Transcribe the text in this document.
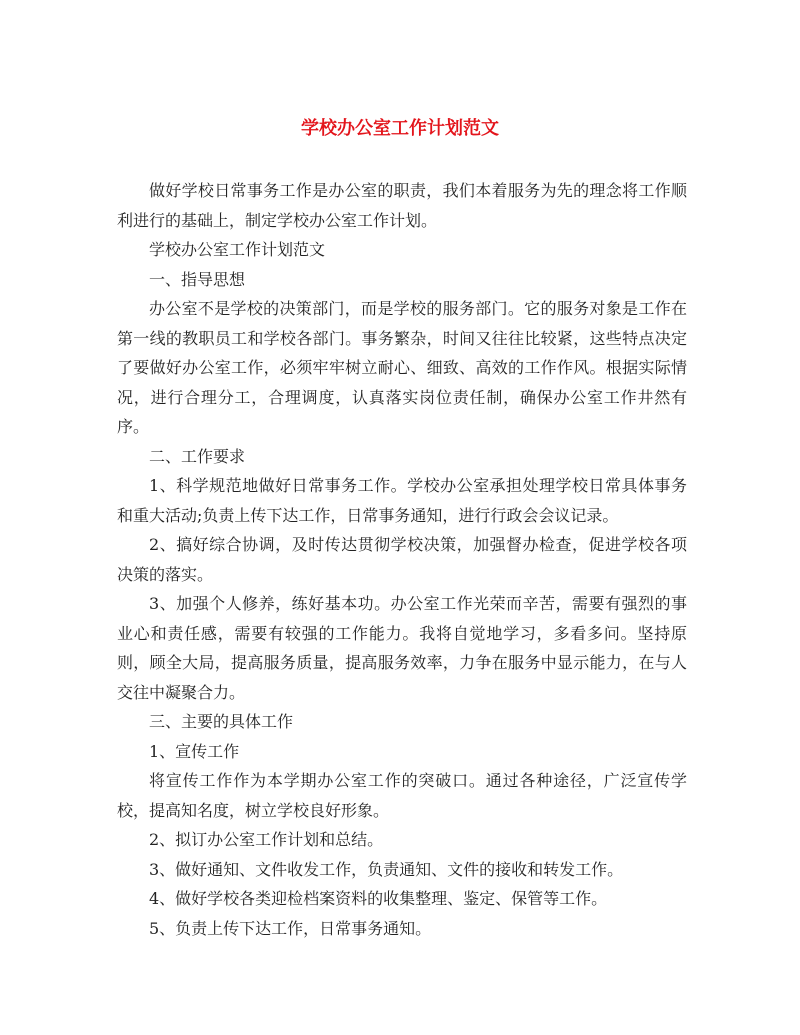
学校办公室工作计划范文

做好学校日常事务工作是办公室的职责，我们本着服务为先的理念将工作顺利进行的基础上，制定学校办公室工作计划。

学校办公室工作计划范文

一、指导思想

办公室不是学校的决策部门，而是学校的服务部门。它的服务对象是工作在第一线的教职员工和学校各部门。事务繁杂，时间又往往比较紧，这些特点决定了要做好办公室工作，必须牢牢树立耐心、细致、高效的工作作风。根据实际情况，进行合理分工，合理调度，认真落实岗位责任制，确保办公室工作井然有序。

二、工作要求

1、科学规范地做好日常事务工作。学校办公室承担处理学校日常具体事务和重大活动;负责上传下达工作，日常事务通知，进行行政会会议记录。

2、搞好综合协调，及时传达贯彻学校决策，加强督办检查，促进学校各项决策的落实。

3、加强个人修养，练好基本功。办公室工作光荣而辛苦，需要有强烈的事业心和责任感，需要有较强的工作能力。我将自觉地学习，多看多问。坚持原则，顾全大局，提高服务质量，提高服务效率，力争在服务中显示能力，在与人交往中凝聚合力。

三、主要的具体工作

1、宣传工作

将宣传工作作为本学期办公室工作的突破口。通过各种途径，广泛宣传学校，提高知名度，树立学校良好形象。

2、拟订办公室工作计划和总结。

3、做好通知、文件收发工作，负责通知、文件的接收和转发工作。

4、做好学校各类迎检档案资料的收集整理、鉴定、保管等工作。

5、负责上传下达工作，日常事务通知。
